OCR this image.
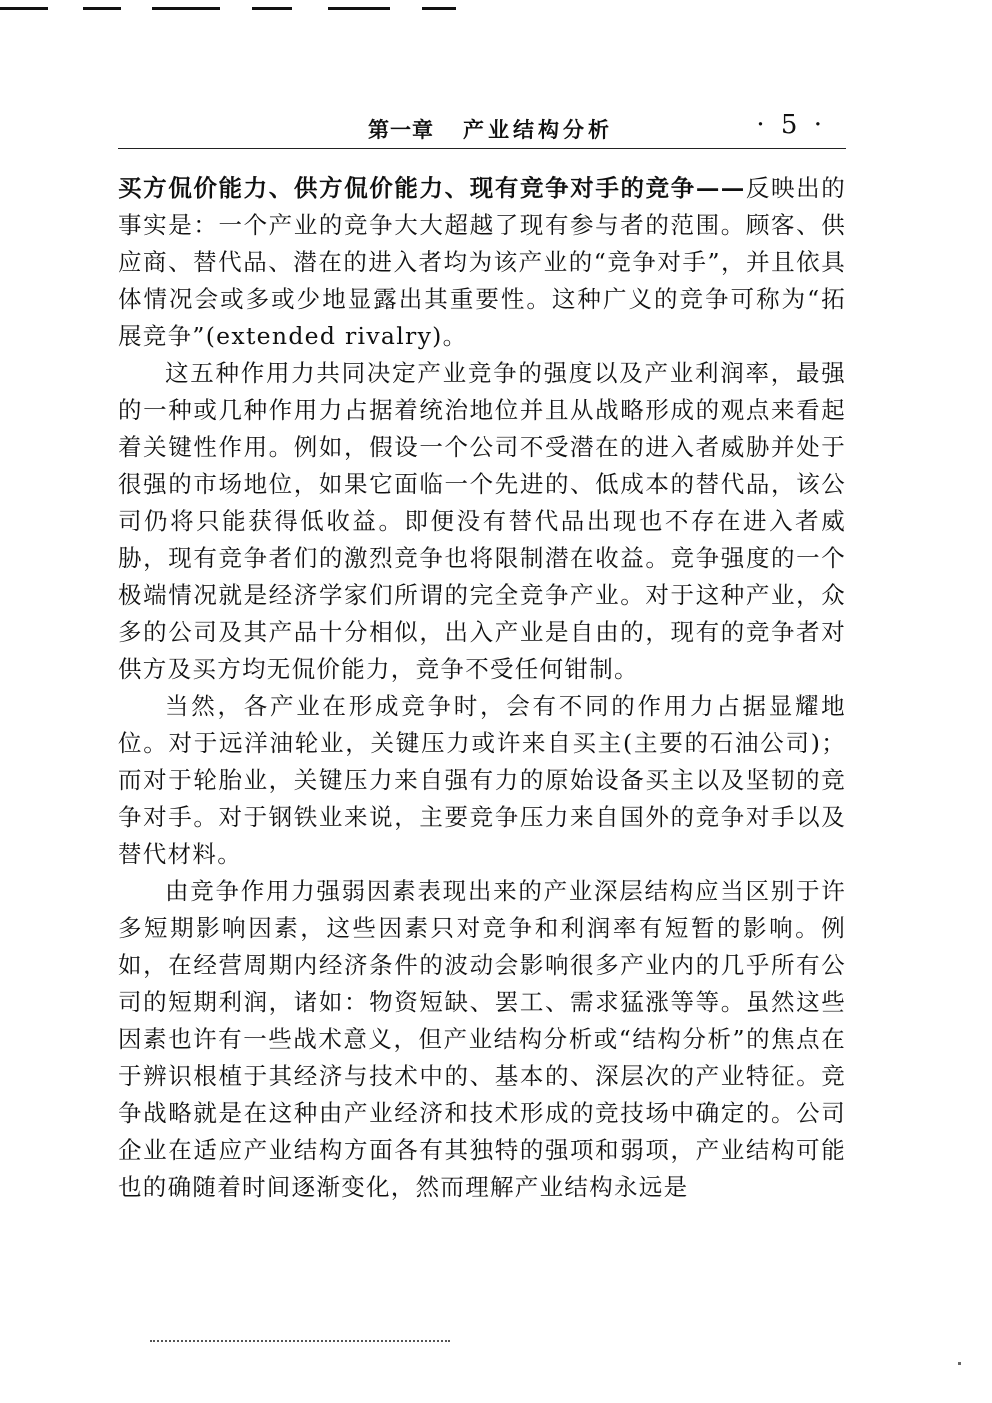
第一章 产业结构分析	· 5 ·

买方侃价能力、供方侃价能力、现有竞争对手的竞争——反映出的事实是：一个产业的竞争大大超越了现有参与者的范围。顾客、供应商、替代品、潜在的进入者均为该产业的“竞争对手”，并且依具体情况会或多或少地显露出其重要性。这种广义的竞争可称为“拓展竞争”(extended rivalry)。

这五种作用力共同决定产业竞争的强度以及产业利润率，最强的一种或几种作用力占据着统治地位并且从战略形成的观点来看起着关键性作用。例如，假设一个公司不受潜在的进入者威胁并处于很强的市场地位，如果它面临一个先进的、低成本的替代品，该公司仍将只能获得低收益。即便没有替代品出现也不存在进入者威胁，现有竞争者们的激烈竞争也将限制潜在收益。竞争强度的一个极端情况就是经济学家们所谓的完全竞争产业。对于这种产业，众多的公司及其产品十分相似，出入产业是自由的，现有的竞争者对供方及买方均无侃价能力，竞争不受任何钳制。

当然，各产业在形成竞争时，会有不同的作用力占据显耀地位。对于远洋油轮业，关键压力或许来自买主(主要的石油公司)；而对于轮胎业，关键压力来自强有力的原始设备买主以及坚韧的竞争对手。对于钢铁业来说，主要竞争压力来自国外的竞争对手以及替代材料。

由竞争作用力强弱因素表现出来的产业深层结构应当区别于许多短期影响因素，这些因素只对竞争和利润率有短暂的影响。例如，在经营周期内经济条件的波动会影响很多产业内的几乎所有公司的短期利润，诸如：物资短缺、罢工、需求猛涨等等。虽然这些因素也许有一些战术意义，但产业结构分析或“结构分析”的焦点在于辨识根植于其经济与技术中的、基本的、深层次的产业特征。竞争战略就是在这种由产业经济和技术形成的竞技场中确定的。公司企业在适应产业结构方面各有其独特的强项和弱项，产业结构可能也的确随着时间逐渐变化，然而理解产业结构永远是
